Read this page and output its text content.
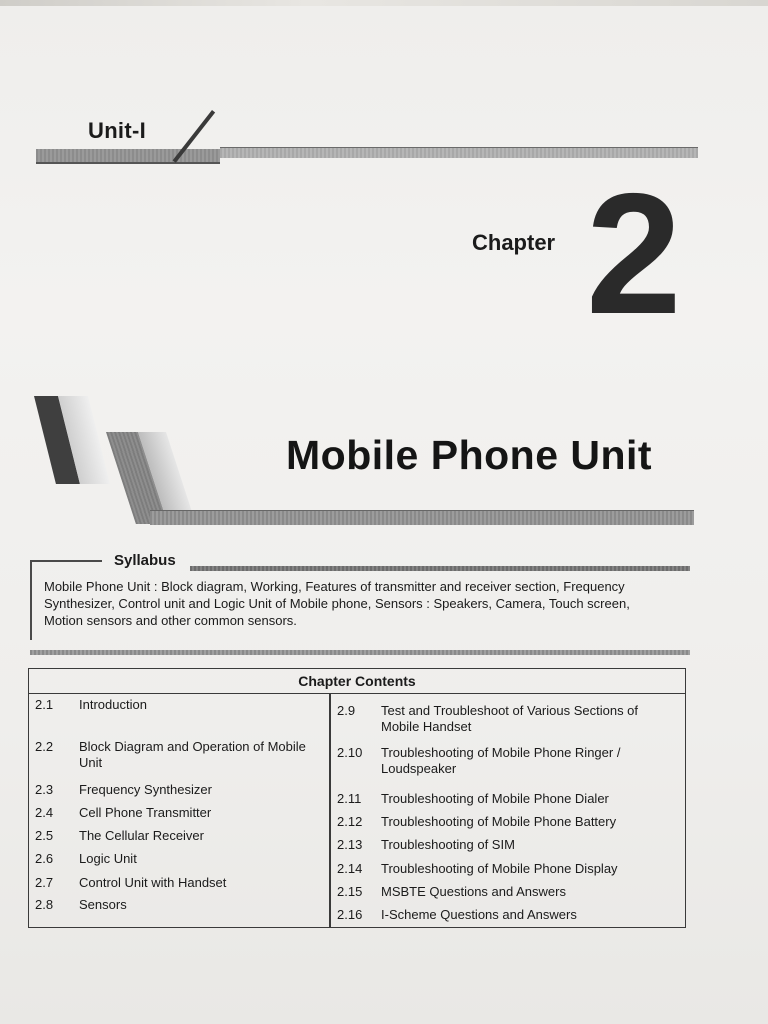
Unit-I
Chapter 2
Mobile Phone Unit
Syllabus
Mobile Phone Unit : Block diagram, Working, Features of transmitter and receiver section, Frequency Synthesizer, Control unit and Logic Unit of Mobile phone, Sensors : Speakers, Camera, Touch screen, Motion sensors and other common sensors.
Chapter Contents
2.1	Introduction
2.2	Block Diagram and Operation of Mobile Unit
2.3	Frequency Synthesizer
2.4	Cell Phone Transmitter
2.5	The Cellular Receiver
2.6	Logic Unit
2.7	Control Unit with Handset
2.8	Sensors
2.9	Test and Troubleshoot of Various Sections of Mobile Handset
2.10	Troubleshooting of Mobile Phone Ringer / Loudspeaker
2.11	Troubleshooting of Mobile Phone Dialer
2.12	Troubleshooting of Mobile Phone Battery
2.13	Troubleshooting of SIM
2.14	Troubleshooting of Mobile Phone Display
2.15	MSBTE Questions and Answers
2.16	I-Scheme Questions and Answers
